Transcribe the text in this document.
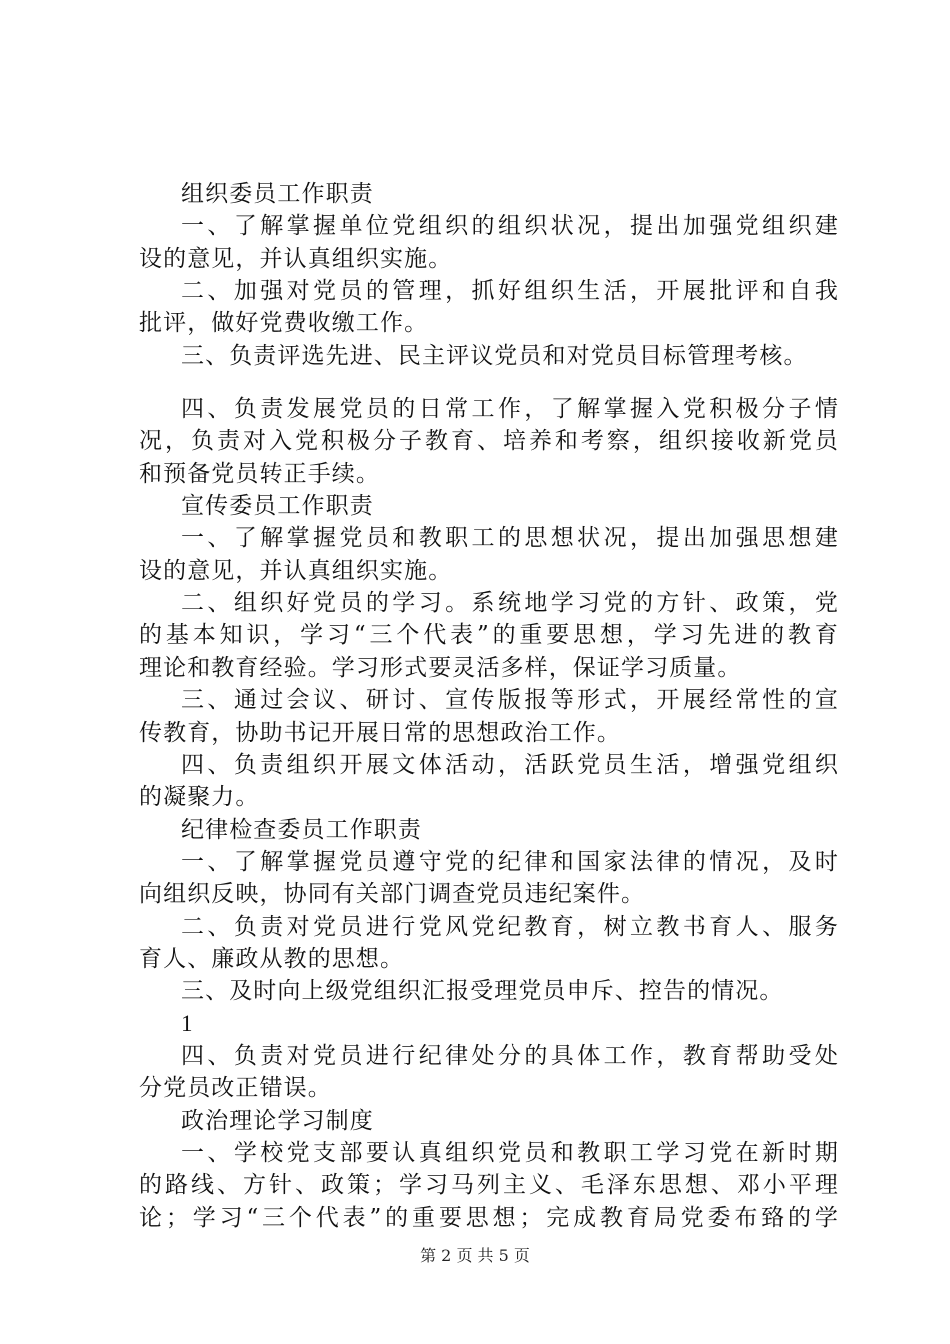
组织委员工作职责
一、了解掌握单位党组织的组织状况，提出加强党组织建
设的意见，并认真组织实施。
二、加强对党员的管理，抓好组织生活，开展批评和自我
批评，做好党费收缴工作。
三、负责评选先进、民主评议党员和对党员目标管理考核。
四、负责发展党员的日常工作，了解掌握入党积极分子情
况，负责对入党积极分子教育、培养和考察，组织接收新党员
和预备党员转正手续。
宣传委员工作职责
一、了解掌握党员和教职工的思想状况，提出加强思想建
设的意见，并认真组织实施。
二、组织好党员的学习。系统地学习党的方针、政策，党
的基本知识，学习“三个代表”的重要思想，学习先进的教育
理论和教育经验。学习形式要灵活多样，保证学习质量。
三、通过会议、研讨、宣传版报等形式，开展经常性的宣
传教育，协助书记开展日常的思想政治工作。
四、负责组织开展文体活动，活跃党员生活，增强党组织
的凝聚力。
纪律检查委员工作职责
一、了解掌握党员遵守党的纪律和国家法律的情况，及时
向组织反映，协同有关部门调查党员违纪案件。
二、负责对党员进行党风党纪教育，树立教书育人、服务
育人、廉政从教的思想。
三、及时向上级党组织汇报受理党员申斥、控告的情况。
1
四、负责对党员进行纪律处分的具体工作，教育帮助受处
分党员改正错误。
政治理论学习制度
一、学校党支部要认真组织党员和教职工学习党在新时期
的路线、方针、政策；学习马列主义、毛泽东思想、邓小平理
论；学习“三个代表”的重要思想；完成教育局党委布臵的学
第 2 页 共 5 页
